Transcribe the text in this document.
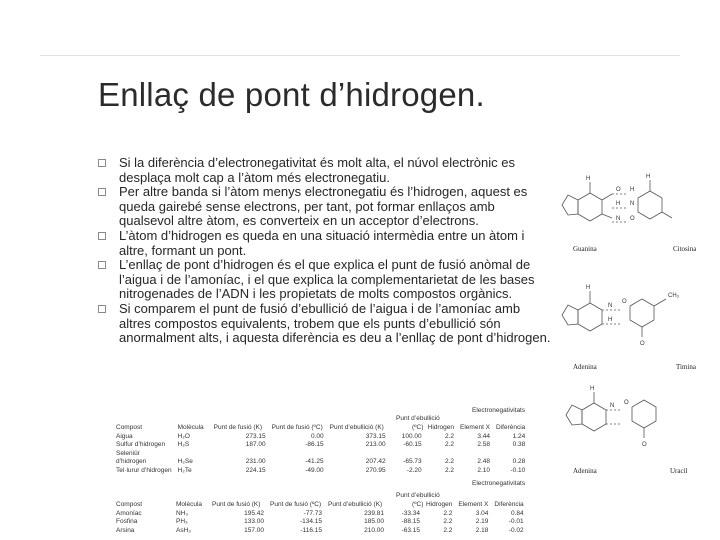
Enllaç de pont d’hidrogen.
Si la diferència d’electronegativitat és molt alta, el núvol electrònic es desplaça molt cap a l’àtom més electronegatiu.
Per altre banda si l’àtom menys electronegatiu és l’hidrogen, aquest es queda gairebé sense electrons, per tant, pot formar enllaços amb qualsevol altre àtom, es converteix en un acceptor d’electrons.
L’àtom d’hidrogen es queda en una situació intermèdia entre un àtom i altre, formant un pont.
L’enllaç de pont d’hidrogen és el que explica el punt de fusió anòmal de l’aigua i de l’amoníac, i el que explica la complementarietat de les bases nitrogenades de l’ADN i les propietats de molts compostos orgànics.
Si comparem el punt de fusió d’ebullició de l’aigua i de l’amoníac amb altres compostos equivalents, trobem que els punts d’ebullició són anormalment alts, i aquesta diferència es deu a l’enllaç de pont d’hidrogen.
H
O
H
N
H
H
N
O
Guanina	Citosina
H
N
H
O
CH₃
O
Adenina	Timina
H
N O
O
Adenina	Uracil
Electronegativitats
Punt d’ebullició
(ºC)
Compost	Molècula	Punt de fusió (K)	Punt de fusió (ºC)	Punt d’ebullició (K)		Hidrogen	Element X	Diferència
Aigua	H₂O	273.15	0.00	373.15	100.00	2.2	3.44	1.24
Sulfur d’hidrogen	H₂S	187.00	-86.15	213.00	-60.15	2.2	2.58	0.38
Seleniür								
d’hidrogen	H₂Se	231.00	-41.25	207.42	-65.73	2.2	2.48	0.28
Tel·lurur d’hidrogen	H₂Te	224.15	-49.00	270.95	-2.20	2.2	2.10	-0.10
Electronegativitats
Punt d’ebullició
(ºC)
Compost	Molècula	Punt de fusió (K)	Punt de fusió (ºC)	Punt d’ebullició (K)		Hidrogen	Element X	Diferència
Amoníac	NH₃	195.42	-77.73	239.81	-33.34	2.2	3.04	0.84
Fosfina	PH₃	133.00	-134.15	185.00	-88.15	2.2	2.19	-0.01
Arsina	AsH₃	157.00	-116.15	210.00	-63.15	2.2	2.18	-0.02
